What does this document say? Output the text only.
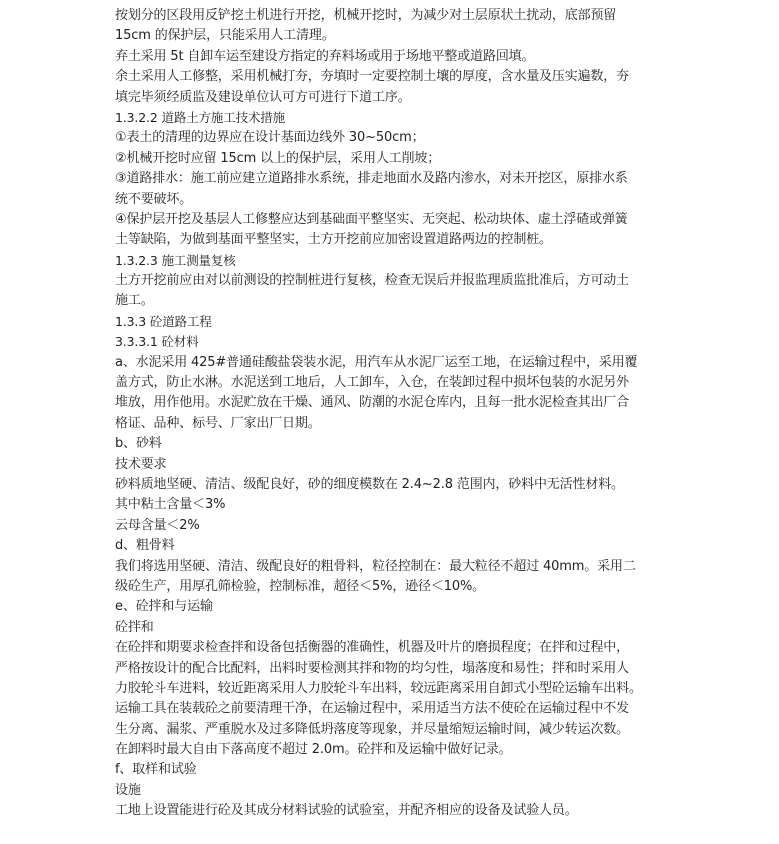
按划分的区段用反铲挖土机进行开挖，机械开挖时，为减少对土层原状土扰动，底部预留
15cm 的保护层，只能采用人工清理。
弃土采用 5t 自卸车运至建设方指定的弃料场或用于场地平整或道路回填。
余土采用人工修整，采用机械打夯，夯填时一定要控制土壤的厚度，含水量及压实遍数，夯
填完毕须经质监及建设单位认可方可进行下道工序。
1.3.2.2 道路土方施工技术措施
①表土的清理的边界应在设计基面边线外 30~50cm；
②机械开挖时应留 15cm 以上的保护层，采用人工削坡；
③道路排水：施工前应建立道路排水系统，排走地面水及路内渗水，对未开挖区，原排水系
统不要破坏。
④保护层开挖及基层人工修整应达到基础面平整坚实、无突起、松动块体、虚土浮碴或弹簧
土等缺陷，为做到基面平整坚实，土方开挖前应加密设置道路两边的控制桩。
1.3.2.3 施工测量复核
土方开挖前应由对以前测设的控制桩进行复核，检查无误后并报监理质监批准后，方可动土
施工。
1.3.3 砼道路工程
3.3.3.1 砼材料
a、水泥采用 425#普通硅酸盐袋装水泥，用汽车从水泥厂运至工地，在运输过程中，采用覆
盖方式，防止水淋。水泥送到工地后，人工卸车，入仓，在装卸过程中损坏包装的水泥另外
堆放，用作他用。水泥贮放在干燥、通风、防潮的水泥仓库内，且每一批水泥检查其出厂合
格证、品种、标号、厂家出厂日期。
b、砂料
技术要求
砂料质地坚硬、清洁、级配良好，砂的细度模数在 2.4~2.8 范围内，砂料中无活性材料。
其中粘土含量＜3%
云母含量＜2%
d、粗骨料
我们将选用坚硬、清洁、级配良好的粗骨料，粒径控制在：最大粒径不超过 40mm。采用二
级砼生产，用厚孔筛检验，控制标准，超径＜5%，逊径＜10%。
e、砼拌和与运输
砼拌和
在砼拌和期要求检查拌和设备包括衡器的准确性，机器及叶片的磨损程度；在拌和过程中，
严格按设计的配合比配料，出料时要检测其拌和物的均匀性，塌落度和易性；拌和时采用人
力胶轮斗车进料，较近距离采用人力胶轮斗车出料，较远距离采用自卸式小型砼运输车出料。
运输工具在装载砼之前要清理干净，在运输过程中，采用适当方法不使砼在运输过程中不发
生分离、漏浆、严重脱水及过多降低坍落度等现象，并尽量缩短运输时间，减少转运次数。
在卸料时最大自由下落高度不超过 2.0m。砼拌和及运输中做好记录。
f、取样和试验
设施
工地上设置能进行砼及其成分材料试验的试验室，并配齐相应的设备及试验人员。
